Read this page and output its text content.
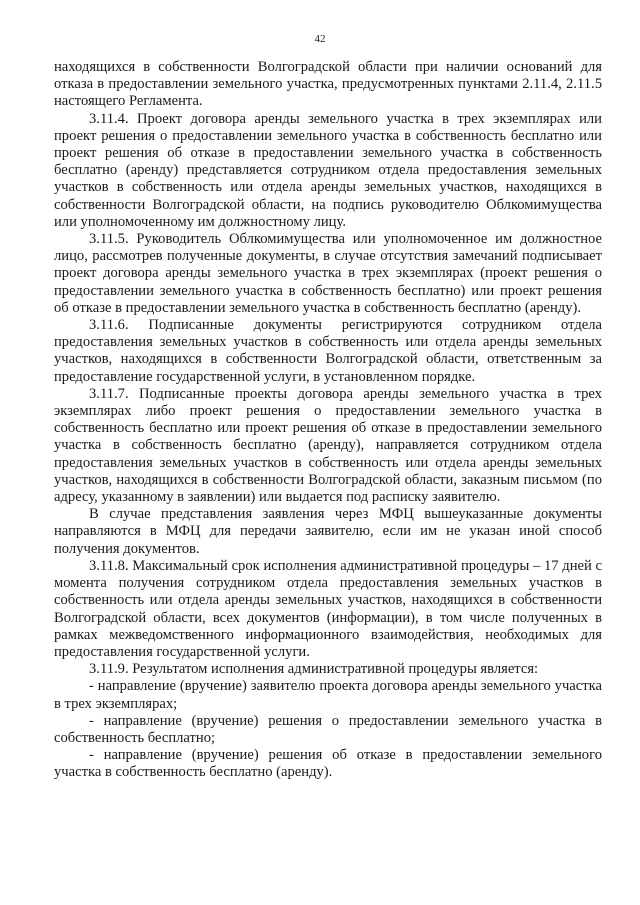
42

находящихся в собственности Волгоградской области при наличии оснований для отказа в предоставлении земельного участка, предусмотренных пунктами 2.11.4, 2.11.5 настоящего Регламента.

3.11.4. Проект договора аренды земельного участка в трех экземплярах или проект решения о предоставлении земельного участка в собственность бесплатно или проект решения об отказе в предоставлении земельного участка в собственность бесплатно (аренду) представляется сотрудником отдела предоставления земельных участков в собственность или отдела аренды земельных участков, находящихся в собственности Волгоградской области, на подпись руководителю Облкомимущества или уполномоченному им должностному лицу.

3.11.5. Руководитель Облкомимущества или уполномоченное им должностное лицо, рассмотрев полученные документы, в случае отсутствия замечаний подписывает проект договора аренды земельного участка в трех экземплярах (проект решения о предоставлении земельного участка в собственность бесплатно) или проект решения об отказе в предоставлении земельного участка в собственность бесплатно (аренду).

3.11.6. Подписанные документы регистрируются сотрудником отдела предоставления земельных участков в собственность или отдела аренды земельных участков, находящихся в собственности Волгоградской области, ответственным за предоставление государственной услуги, в установленном порядке.

3.11.7. Подписанные проекты договора аренды земельного участка в трех экземплярах либо проект решения о предоставлении земельного участка в собственность бесплатно или проект решения об отказе в предоставлении земельного участка в собственность бесплатно (аренду), направляется сотрудником отдела предоставления земельных участков в собственность или отдела аренды земельных участков, находящихся в собственности Волгоградской области, заказным письмом (по адресу, указанному в заявлении) или выдается под расписку заявителю.

В случае представления заявления через МФЦ вышеуказанные документы направляются в МФЦ для передачи заявителю, если им не указан иной способ получения документов.

3.11.8. Максимальный срок исполнения административной процедуры – 17 дней с момента получения сотрудником отдела предоставления земельных участков в собственность или отдела аренды земельных участков, находящихся в собственности Волгоградской области, всех документов (информации), в том числе полученных в рамках межведомственного информационного взаимодействия, необходимых для предоставления государственной услуги.

3.11.9. Результатом исполнения административной процедуры является:

- направление (вручение) заявителю проекта договора аренды земельного участка в трех экземплярах;

- направление (вручение) решения о предоставлении земельного участка в собственность бесплатно;

- направление (вручение) решения об отказе в предоставлении земельного участка в собственность бесплатно (аренду).
